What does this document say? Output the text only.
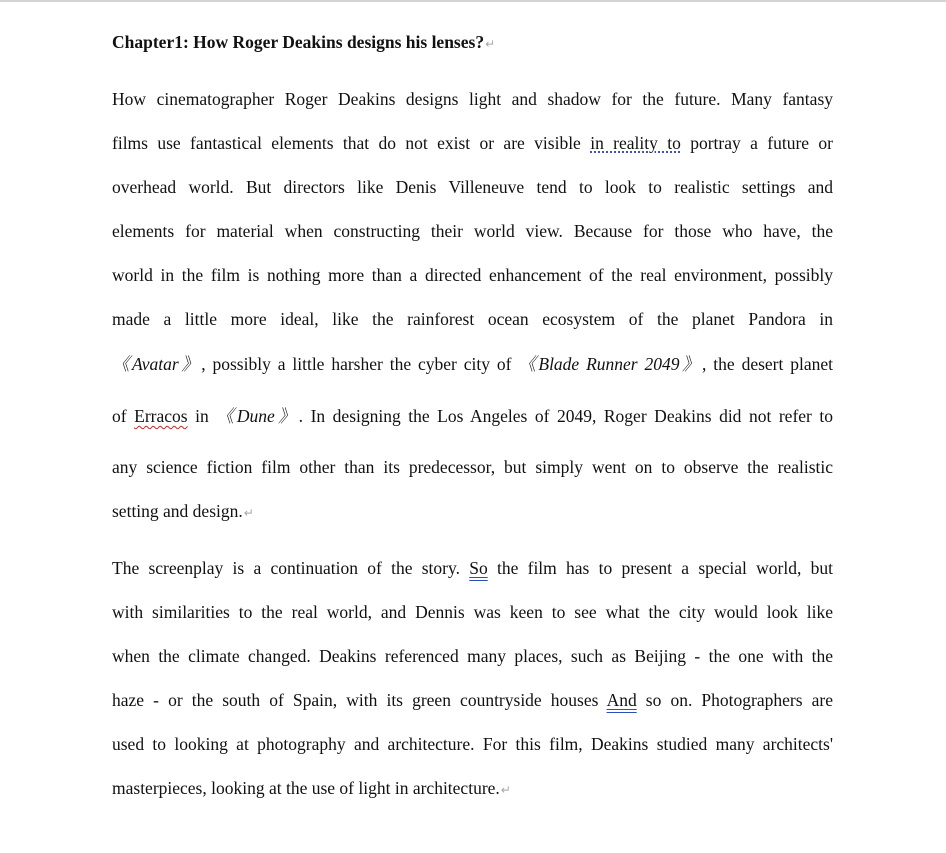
Chapter1: How Roger Deakins designs his lenses?↵
How cinematographer Roger Deakins designs light and shadow for the future. Many fantasy
films use fantastical elements that do not exist or are visible in reality to portray a future or
overhead world. But directors like Denis Villeneuve tend to look to realistic settings and
elements for material when constructing their world view. Because for those who have, the
world in the film is nothing more than a directed enhancement of the real environment, possibly
made a little more ideal, like the rainforest ocean ecosystem of the planet Pandora in
《Avatar》, possibly a little harsher the cyber city of 《Blade Runner 2049》, the desert planet
of Erracos in 《Dune》. In designing the Los Angeles of 2049, Roger Deakins did not refer to
any science fiction film other than its predecessor, but simply went on to observe the realistic
setting and design.↵
The screenplay is a continuation of the story. So the film has to present a special world, but
with similarities to the real world, and Dennis was keen to see what the city would look like
when the climate changed. Deakins referenced many places, such as Beijing - the one with the
haze - or the south of Spain, with its green countryside houses And so on. Photographers are
used to looking at photography and architecture. For this film, Deakins studied many architects'
masterpieces, looking at the use of light in architecture.↵
